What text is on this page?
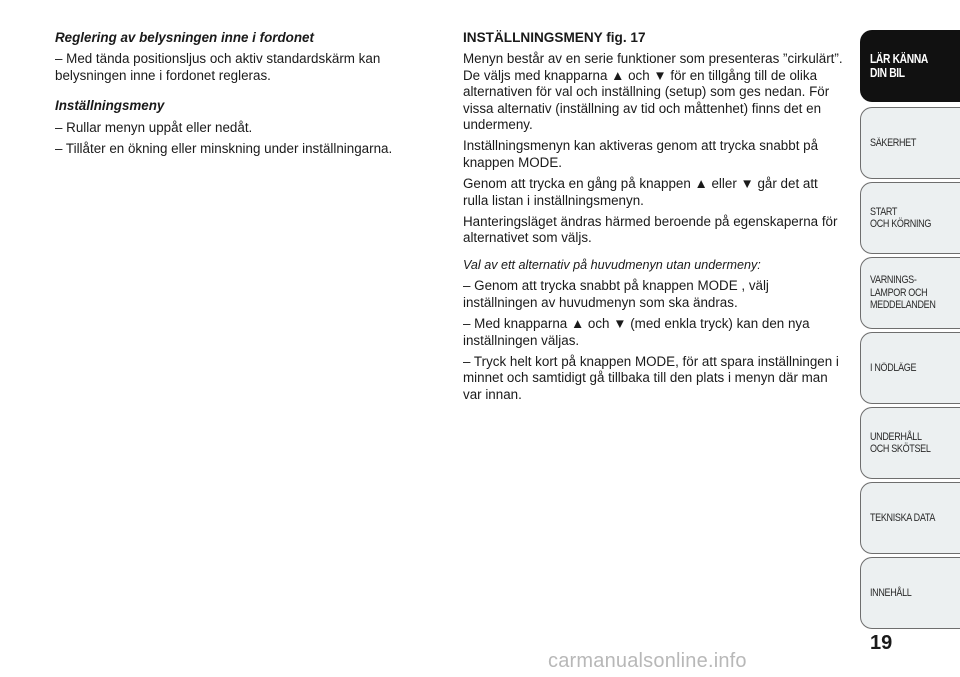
Reglering av belysningen inne i fordonet

– Med tända positionsljus och aktiv standardskärm kan belysningen inne i fordonet regleras.

Inställningsmeny

– Rullar menyn uppåt eller nedåt.

– Tillåter en ökning eller minskning under inställningarna.

INSTÄLLNINGSMENY fig. 17

Menyn består av en serie funktioner som presenteras ”cirkulärt”. De väljs med knapparna ▲ och ▼ för en tillgång till de olika alternativen för val och inställning (setup) som ges nedan. För vissa alternativ (inställning av tid och måttenhet) finns det en undermeny.

Inställningsmenyn kan aktiveras genom att trycka snabbt på knappen MODE.

Genom att trycka en gång på knappen ▲ eller ▼ går det att rulla listan i inställningsmenyn.

Hanteringsläget ändras härmed beroende på egenskaperna för alternativet som väljs.

Val av ett alternativ på huvudmenyn utan undermeny:

– Genom att trycka snabbt på knappen MODE , välj inställningen av huvudmenyn som ska ändras.

– Med knapparna ▲ och ▼ (med enkla tryck) kan den nya inställningen väljas.

– Tryck helt kort på knappen MODE, för att spara inställningen i minnet och samtidigt gå tillbaka till den plats i menyn där man var innan.

LÄR KÄNNA
DIN BIL
SÄKERHET
START
OCH KÖRNING
VARNINGS-
LAMPOR OCH
MEDDELANDEN
I NÖDLÄGE
UNDERHÅLL
OCH SKÖTSEL
TEKNISKA DATA
INNEHÅLL
19
carmanualsonline.info
